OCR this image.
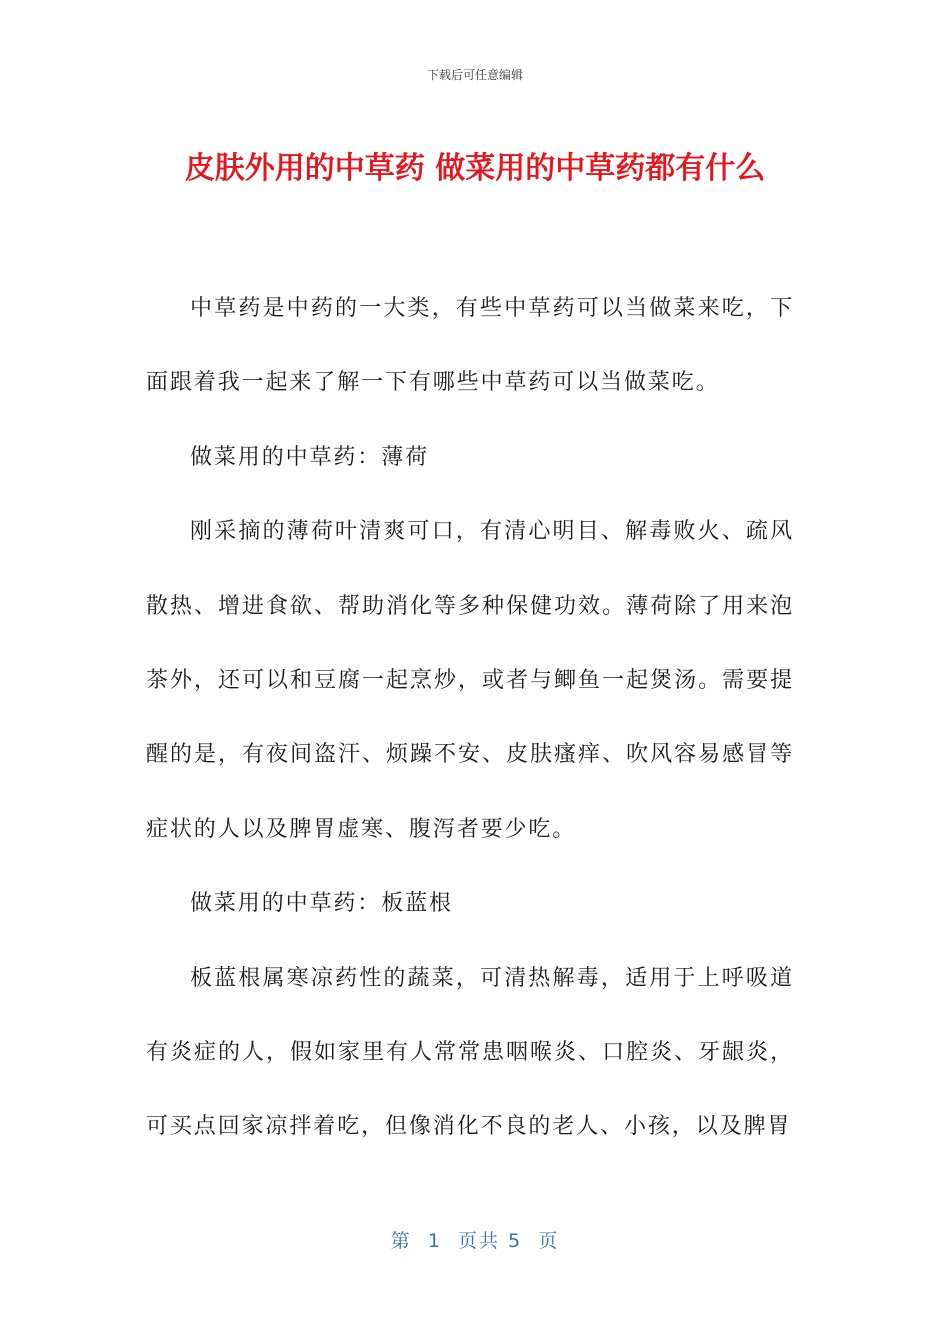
下载后可任意编辑
皮肤外用的中草药 做菜用的中草药都有什么

中草药是中药的一大类，有些中草药可以当做菜来吃，下面跟着我一起来了解一下有哪些中草药可以当做菜吃。

做菜用的中草药：薄荷

刚采摘的薄荷叶清爽可口，有清心明目、解毒败火、疏风散热、增进食欲、帮助消化等多种保健功效。薄荷除了用来泡茶外，还可以和豆腐一起烹炒，或者与鲫鱼一起煲汤。需要提醒的是，有夜间盗汗、烦躁不安、皮肤瘙痒、吹风容易感冒等症状的人以及脾胃虚寒、腹泻者要少吃。

做菜用的中草药：板蓝根

板蓝根属寒凉药性的蔬菜，可清热解毒，适用于上呼吸道有炎症的人，假如家里有人常常患咽喉炎、口腔炎、牙龈炎，可买点回家凉拌着吃，但像消化不良的老人、小孩，以及脾胃

第  1  页共 5  页
